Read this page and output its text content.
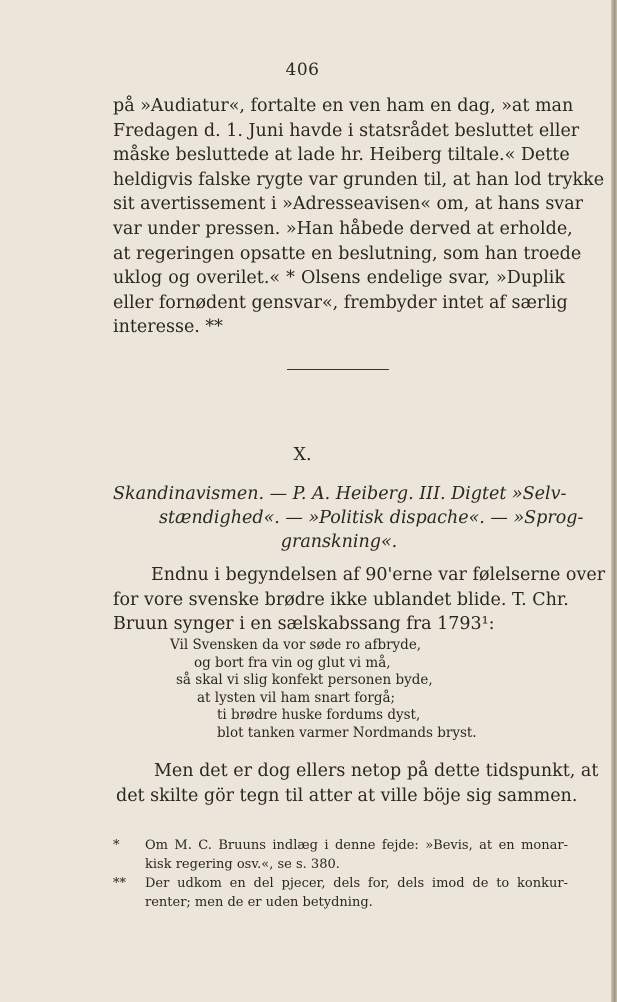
406
på »Audiatur«, fortalte en ven ham en dag, »at man
Fredagen d. 1. Juni havde i statsrådet besluttet eller
måske besluttede at lade hr. Heiberg tiltale.« Dette
heldigvis falske rygte var grunden til, at han lod trykke
sit avertissement i »Adresseavisen« om, at hans svar
var under pressen. »Han håbede derved at erholde,
at regeringen opsatte en beslutning, som han troede
uklog og overilet.« * Olsens endelige svar, »Duplik
eller fornødent gensvar«, frembyder intet af særlig
interesse. **
X.
Skandinavismen. — P. A. Heiberg. III. Digtet »Selv-
stændighed«. — »Politisk dispache«. — »Sprog-
granskning«.
Endnu i begyndelsen af 90'erne var følelserne over
for vore svenske brødre ikke ublandet blide. T. Chr.
Bruun synger i en sælskabssang fra 1793¹:
Vil Svensken da vor søde ro afbryde,
og bort fra vin og glut vi må,
så skal vi slig konfekt personen byde,
at lysten vil ham snart forgå;
ti brødre huske fordums dyst,
blot tanken varmer Nordmands bryst.
Men det er dog ellers netop på dette tidspunkt, at
det skilte gör tegn til atter at ville böje sig sammen.
* Om M. C. Bruuns indlæg i denne fejde: »Bevis, at en monar-
kisk regering osv.«, se s. 380.
** Der udkom en del pjecer, dels for, dels imod de to konkur-
renter; men de er uden betydning.
